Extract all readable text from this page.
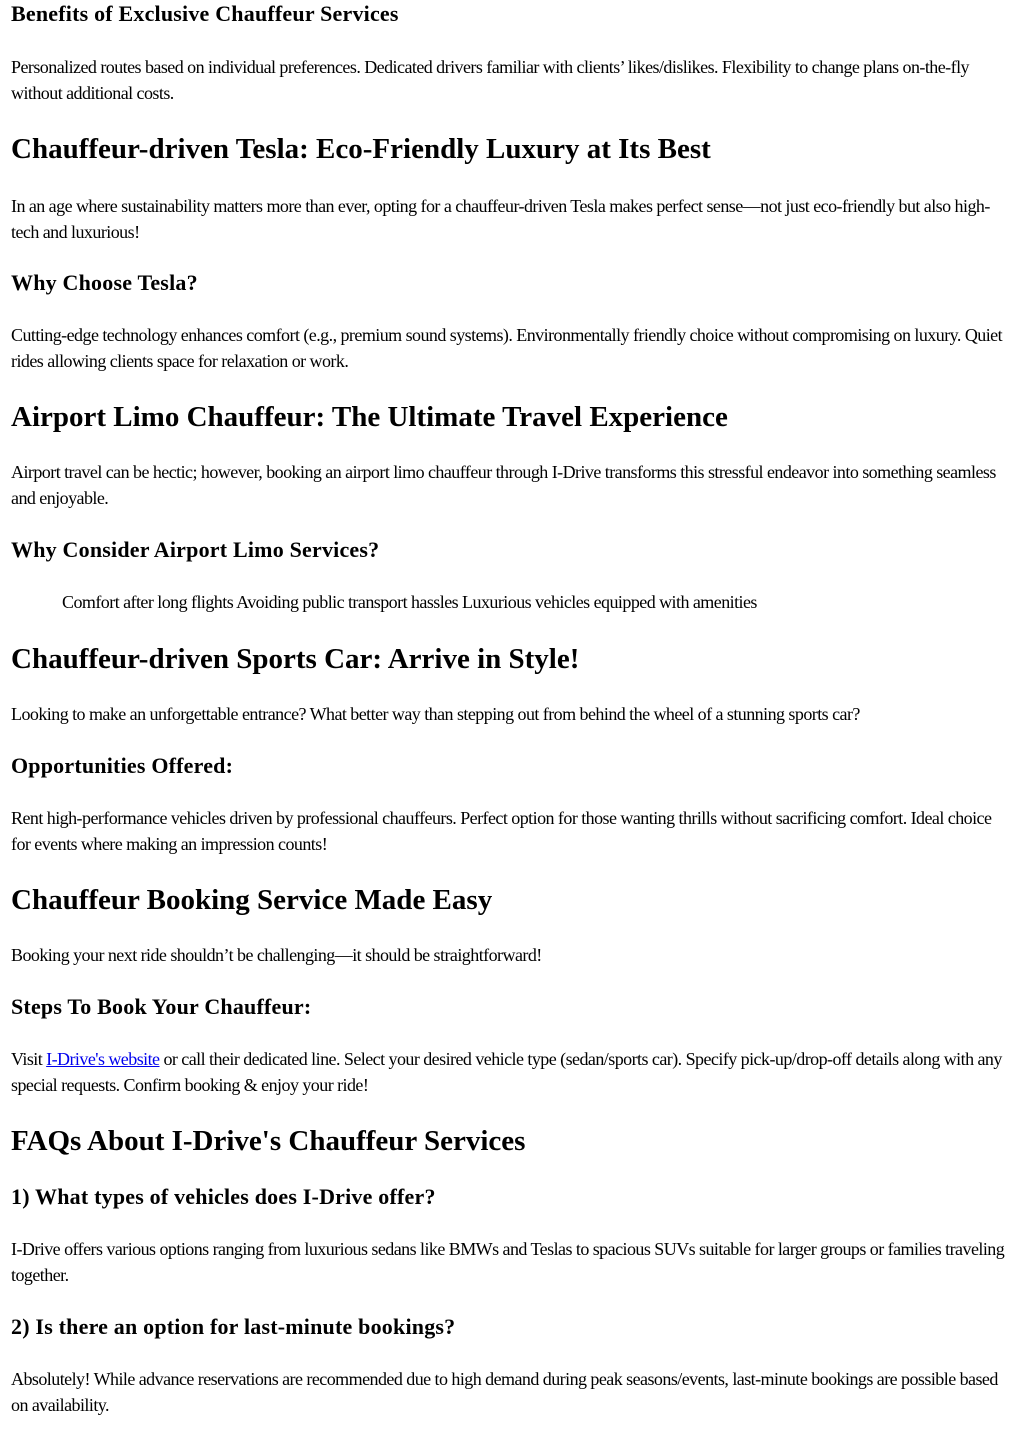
Benefits of Exclusive Chauffeur Services

Personalized routes based on individual preferences. Dedicated drivers familiar with clients’ likes/dislikes. Flexibility to change plans on-the-fly without additional costs.

Chauffeur-driven Tesla: Eco-Friendly Luxury at Its Best

In an age where sustainability matters more than ever, opting for a chauffeur-driven Tesla makes perfect sense—not just eco-friendly but also high-tech and luxurious!

Why Choose Tesla?

Cutting-edge technology enhances comfort (e.g., premium sound systems). Environmentally friendly choice without compromising on luxury. Quiet rides allowing clients space for relaxation or work.

Airport Limo Chauffeur: The Ultimate Travel Experience

Airport travel can be hectic; however, booking an airport limo chauffeur through I-Drive transforms this stressful endeavor into something seamless and enjoyable.

Why Consider Airport Limo Services?

Comfort after long flights Avoiding public transport hassles Luxurious vehicles equipped with amenities

Chauffeur-driven Sports Car: Arrive in Style!

Looking to make an unforgettable entrance? What better way than stepping out from behind the wheel of a stunning sports car?

Opportunities Offered:

Rent high-performance vehicles driven by professional chauffeurs. Perfect option for those wanting thrills without sacrificing comfort. Ideal choice for events where making an impression counts!

Chauffeur Booking Service Made Easy

Booking your next ride shouldn’t be challenging—it should be straightforward!

Steps To Book Your Chauffeur:

Visit I-Drive's website or call their dedicated line. Select your desired vehicle type (sedan/sports car). Specify pick-up/drop-off details along with any special requests. Confirm booking & enjoy your ride!

FAQs About I-Drive's Chauffeur Services
1) What types of vehicles does I-Drive offer?

I-Drive offers various options ranging from luxurious sedans like BMWs and Teslas to spacious SUVs suitable for larger groups or families traveling together.

2) Is there an option for last-minute bookings?

Absolutely! While advance reservations are recommended due to high demand during peak seasons/events, last-minute bookings are possible based on availability.
